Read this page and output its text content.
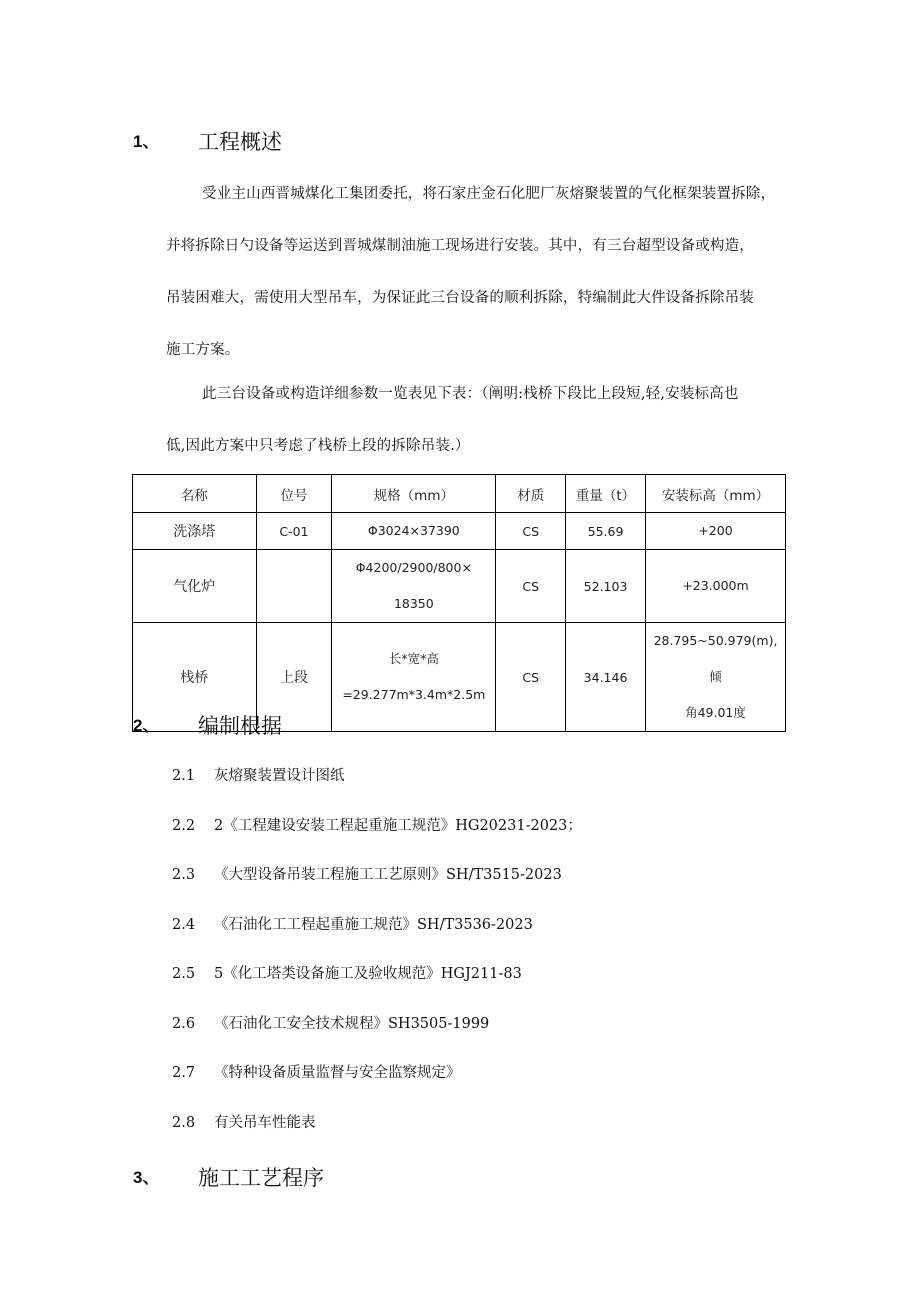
1、 工程概述
受业主山西晋城煤化工集团委托，将石家庄金石化肥厂灰熔聚装置的气化框架装置拆除，
并将拆除日勺设备等运送到晋城煤制油施工现场进行安装。其中，有三台超型设备或构造，
吊装困难大，需使用大型吊车，为保证此三台设备的顺利拆除，特编制此大件设备拆除吊装
施工方案。
此三台设备或构造详细参数一览表见下表：（阐明:栈桥下段比上段短,轻,安装标高也
低,因此方案中只考虑了栈桥上段的拆除吊装.）
名称	位号	规格（mm）	材质	重量（t）	安装标高（mm）
洗涤塔	C-01	Φ3024×37390	CS	55.69	+200

气化炉		Φ4200/2900/800×
18350	CS	52.103	+23.000m

栈桥	上段	长*宽*高
=29.277m*3.4m*2.5m	CS	34.146	28.795~50.979(m),倾
角49.01度
2、 编制根据
2.1 灰熔聚装置设计图纸
2.2 2《工程建设安装工程起重施工规范》HG20231-2023；
2.3 《大型设备吊装工程施工工艺原则》SH/T3515-2023
2.4 《石油化工工程起重施工规范》SH/T3536-2023
2.5 5《化工塔类设备施工及验收规范》HGJ211-83
2.6 《石油化工安全技术规程》SH3505-1999
2.7 《特种设备质量监督与安全监察规定》
2.8 有关吊车性能表
3、 施工工艺程序
